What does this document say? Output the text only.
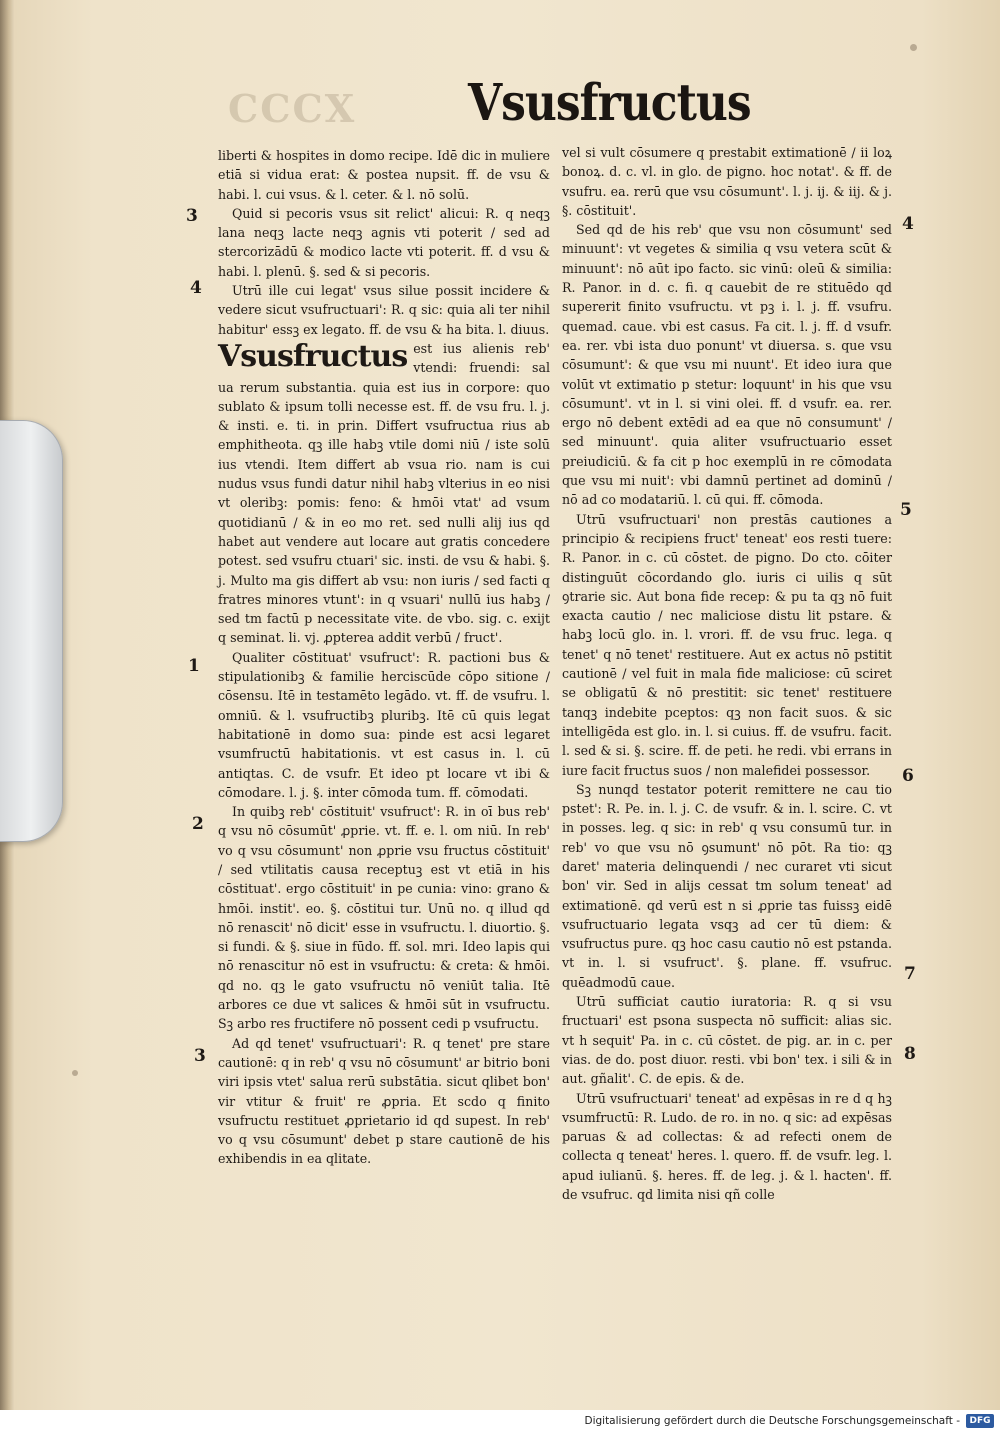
CCCX	Vsusfructus

liberti & hospites in domo recipe. Idē dic in muliere etiā si vidua erat: & postea nupsit. ff. de vsu & habi. l. cui vsus. & l. ceter. & l. nō solū.

Quid si pecoris vsus sit relict' alicui: R. q neqꝫ lana neqꝫ lacte neqꝫ agnis vti poterit / sed ad stercorizādū & modico lacte vti poterit. ff. d vsu & habi. l. plenū. §. sed & si pecoris.

Utrū ille cui legat' vsus silue possit incidere & vedere sicut vsufructuari': R. q sic: quia ali ter nihil habitur' essꝫ ex legato. ff. de vsu & ha bita. l. diuus.

Vsusfructus est ius alienis reb' vtendi: fruendi: sal ua rerum substantia. quia est ius in corpore: quo sublato & ipsum tolli necesse est. ff. de vsu fru. l. j. & insti. e. ti. in prin. Differt vsufructua rius ab emphitheota. qꝫ ille habꝫ vtile domi niū / iste solū ius vtendi. Item differt ab vsua rio. nam is cui nudus vsus fundi datur nihil habꝫ vlterius in eo nisi vt oleribꝫ: pomis: feno: & hmōi vtat' ad vsum quotidianū / & in eo mo ret. sed nulli alij ius qd habet aut vendere aut locare aut gratis concedere potest. sed vsufru ctuari' sic. insti. de vsu & habi. §. j. Multo ma gis differt ab vsu: non iuris / sed facti q fratres minores vtunt': in q vsuari' nullū ius habꝫ / sed tm factū p necessitate vite. de vbo. sig. c. exijt q seminat. li. vj. ꝓpterea addit verbū / fruct'.

Qualiter cōstituat' vsufruct': R. pactioni bus & stipulationibꝫ & familie herciscūde cōpo sitione / cōsensu. Itē in testamēto legādo. vt. ff. de vsufru. l. omniū. & l. vsufructibꝫ pluribꝫ. Itē cū quis legat habitationē in domo sua: pinde est acsi legaret vsumfructū habitationis. vt est casus in. l. cū antiqtas. C. de vsufr. Et ideo pt locare vt ibi & cōmodare. l. j. §. inter cōmoda tum. ff. cōmodati.

In quibꝫ reb' cōstituit' vsufruct': R. in oī bus reb' q vsu nō cōsumūt' ꝓprie. vt. ff. e. l. om niū. In reb' vo q vsu cōsumunt' non ꝓprie vsu fructus cōstituit' / sed vtilitatis causa receptuꝫ est vt etiā in his cōstituat'. ergo cōstituit' in pe cunia: vino: grano & hmōi. instit'. eo. §. cōstitui tur. Unū no. q illud qd nō renascit' nō dicit' esse in vsufructu. l. diuortio. §. si fundi. & §. siue in fūdo. ff. sol. mri. Ideo lapis qui nō renascitur nō est in vsufructu: & creta: & hmōi. qd no. qꝫ le gato vsufructu nō veniūt talia. Itē arbores ce due vt salices & hmōi sūt in vsufructu. Sꝫ arbo res fructifere nō possent cedi p vsufructu.

Ad qd tenet' vsufructuari': R. q tenet' pre stare cautionē: q in reb' q vsu nō cōsumunt' ar bitrio boni viri ipsis vtet' salua rerū substātia. sicut qlibet bon' vir vtitur & fruit' re ꝓpria. Et scdo q finito vsufructu restituet ꝓprietario id qd supest. In reb' vo q vsu cōsumunt' debet p stare cautionē de his exhibendis in ea qlitate.

vel si vult cōsumere q prestabit extimationē / ii loꝝ bonoꝝ. d. c. vl. in glo. de pigno. hoc notat'. & ff. de vsufru. ea. rerū que vsu cōsumunt'. l. j. ij. & iij. & j. §. cōstituit'.

Sed qd de his reb' que vsu non cōsumunt' sed minuunt': vt vegetes & similia q vsu vetera scūt & minuunt': nō aūt ipo facto. sic vinū: oleū & similia: R. Panor. in d. c. fi. q cauebit de re stituēdo qd supererit finito vsufructu. vt pꝫ i. l. j. ff. vsufru. quemad. caue. vbi est casus. Fa cit. l. j. ff. d vsufr. ea. rer. vbi ista duo ponunt' vt diuersa. s. que vsu cōsumunt': & que vsu mi nuunt'. Et ideo iura que volūt vt extimatio p stetur: loquunt' in his que vsu cōsumunt'. vt in l. si vini olei. ff. d vsufr. ea. rer. ergo nō debent extēdi ad ea que nō consumunt' / sed minuunt'. quia aliter vsufructuario esset preiudiciū. & fa cit p hoc exemplū in re cōmodata que vsu mi nuit': vbi damnū pertinet ad dominū / nō ad co modatariū. l. cū qui. ff. cōmoda.

Utrū vsufructuari' non prestās cautiones a principio & recipiens fruct' teneat' eos resti tuere: R. Panor. in c. cū cōstet. de pigno. Do cto. cōiter distinguūt cōcordando glo. iuris ci uilis q sūt ꝯtrarie sic. Aut bona fide recep: & pu ta qꝫ nō fuit exacta cautio / nec maliciose distu lit pstare. & habꝫ locū glo. in. l. vrori. ff. de vsu fruc. lega. q tenet' q nō tenet' restituere. Aut ex actus nō pstitit cautionē / vel fuit in mala fide maliciose: cū sciret se obligatū & nō prestitit: sic tenet' restituere tanqꝫ indebite pceptos: qꝫ non facit suos. & sic intelligēda est glo. in. l. si cuius. ff. de vsufru. facit. l. sed & si. §. scire. ff. de peti. he redi. vbi errans in iure facit fructus suos / non malefidei possessor.

Sꝫ nunqd testator poterit remittere ne cau tio pstet': R. Pe. in. l. j. C. de vsufr. & in. l. scire. C. vt in posses. leg. q sic: in reb' q vsu consumū tur. in reb' vo que vsu nō ꝯsumunt' nō pōt. Ra tio: qꝫ daret' materia delinquendi / nec curaret vti sicut bon' vir. Sed in alijs cessat tm solum teneat' ad extimationē. qd verū est n si ꝓprie tas fuissꝫ eidē vsufructuario legata vsqꝫ ad cer tū diem: & vsufructus pure. qꝫ hoc casu cautio nō est pstanda. vt in. l. si vsufruct'. §. plane. ff. vsufruc. quēadmodū caue.

Utrū sufficiat cautio iuratoria: R. q si vsu fructuari' est psona suspecta nō sufficit: alias sic. vt h sequit' Pa. in c. cū cōstet. de pig. ar. in c. per vias. de do. post diuor. resti. vbi bon' tex. i sili & in aut. gñalit'. C. de epis. & de.

Utrū vsufructuari' teneat' ad expēsas in re d q hꝫ vsumfructū: R. Ludo. de ro. in no. q sic: ad expēsas paruas & ad collectas: & ad refecti onem de collecta q teneat' heres. l. quero. ff. de vsufr. leg. l. apud iulianū. §. heres. ff. de leg. j. & l. hacten'. ff. de vsufruc. qd limita nisi qñ colle

3
4
1
2
3
4
5
6
7
8
Digitalisierung gefördert durch die Deutsche Forschungsgemeinschaft -	DFG
